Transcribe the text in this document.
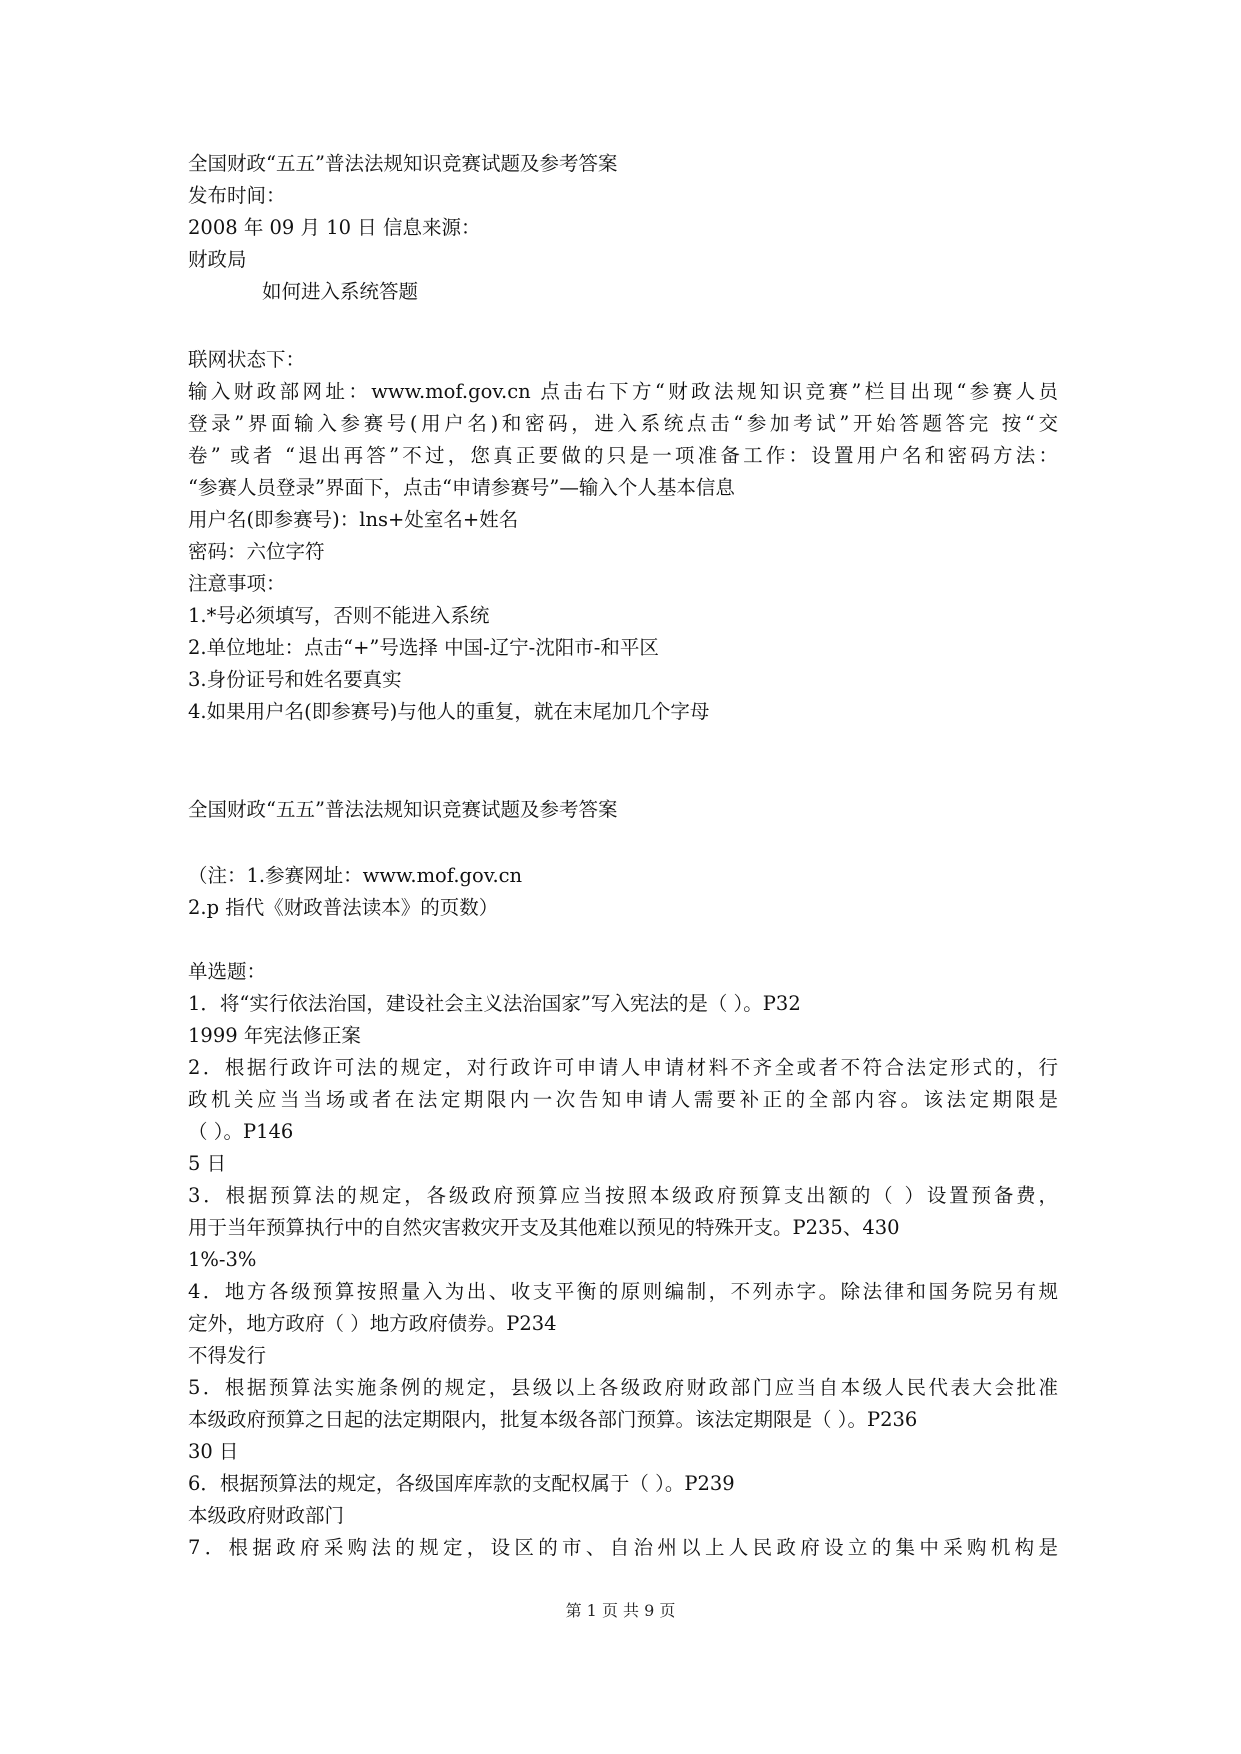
全国财政“五五”普法法规知识竞赛试题及参考答案

发布时间：

2008 年 09 月 10 日 信息来源：

财政局

如何进入系统答题

联网状态下：

输入财政部网址：www.mof.gov.cn 点击右下方“财政法规知识竞赛”栏目出现“参赛人员

登录”界面输入参赛号(用户名)和密码，进入系统点击“参加考试”开始答题答完 按“交

卷” 或者 “退出再答”不过，您真正要做的只是一项准备工作：设置用户名和密码方法：

“参赛人员登录”界面下，点击“申请参赛号”—输入个人基本信息

用户名(即参赛号)：lns+处室名+姓名

密码：六位字符

注意事项：

1.*号必须填写，否则不能进入系统

2.单位地址：点击“+”号选择 中国-辽宁-沈阳市-和平区

3.身份证号和姓名要真实

4.如果用户名(即参赛号)与他人的重复，就在末尾加几个字母

全国财政“五五”普法法规知识竞赛试题及参考答案

（注：1.参赛网址：www.mof.gov.cn

2.p 指代《财政普法读本》的页数）

单选题：

1．将“实行依法治国，建设社会主义法治国家”写入宪法的是（ ）。P32

1999 年宪法修正案

2．根据行政许可法的规定，对行政许可申请人申请材料不齐全或者不符合法定形式的，行

政机关应当当场或者在法定期限内一次告知申请人需要补正的全部内容。该法定期限是

（ ）。P146

5 日

3．根据预算法的规定，各级政府预算应当按照本级政府预算支出额的（ ）设置预备费，

用于当年预算执行中的自然灾害救灾开支及其他难以预见的特殊开支。P235、430

1%-3%

4．地方各级预算按照量入为出、收支平衡的原则编制，不列赤字。除法律和国务院另有规

定外，地方政府（ ）地方政府债券。P234

不得发行

5．根据预算法实施条例的规定，县级以上各级政府财政部门应当自本级人民代表大会批准

本级政府预算之日起的法定期限内，批复本级各部门预算。该法定期限是（ ）。P236

30 日

6．根据预算法的规定，各级国库库款的支配权属于（ ）。P239

本级政府财政部门

7．根据政府采购法的规定，设区的市、自治州以上人民政府设立的集中采购机构是

第 1 页 共 9 页
